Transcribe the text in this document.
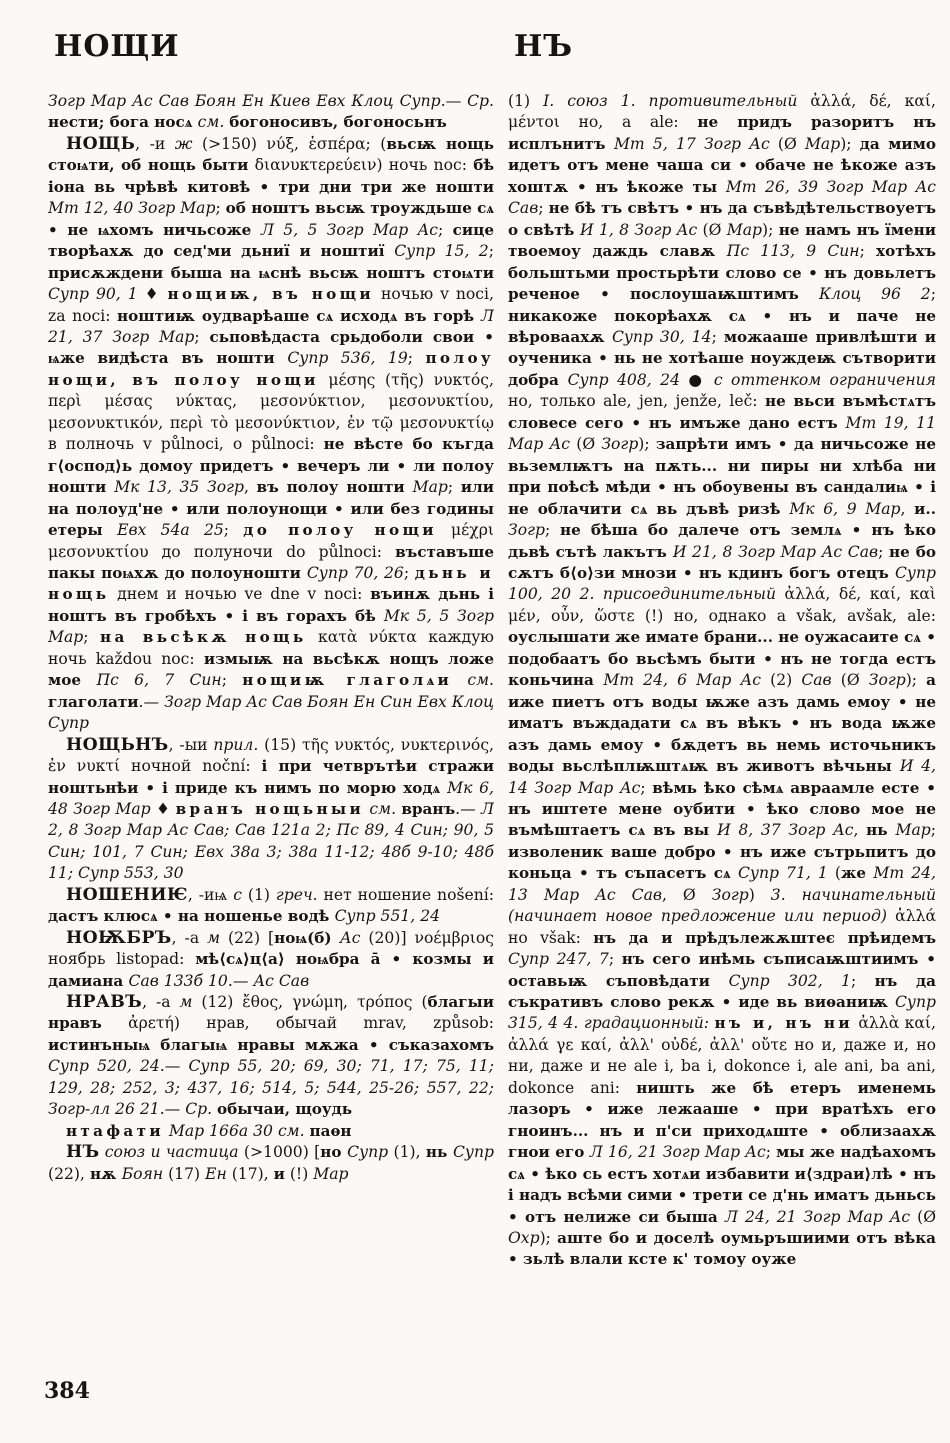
НОЩИ

Зогр Мар Ас Сав Боян Ен Киев Евх Клоц Супр.— Ср. нести; бога носѧ см. богоносивъ, богоносьнъ

НОЩЬ, -и ж (>150) νύξ, ἑσπέρα; (вьсѭ нощь стоѩти, об нощь быти διανυκτερεύειν) ночь noc: бѣ іона вь чрѣвѣ китовѣ • три дни три же ношти Мт 12, 40 Зогр Мар; об ноштъ вьсѭ троуждьше сѧ • не ѩхомъ ничьсоже Л 5, 5 Зогр Мар Ас; сице творѣахѫ до сед'ми дьниї и ноштиї Супр 15, 2; присѫждени быша на ѩснѣ вьсѭ ноштъ стоѩти Супр 90, 1 ♦ нощиѭ, въ нощи ночью v noci, za noci: ноштиѭ оудварѣаше сѧ исходѧ въ горѣ Л 21, 37 Зогр Мар; сьповѣдаста срьдоболи свои • ѩже видѣста въ ношти Супр 536, 19; полоу нощи, въ полоу нощи μέσης (τῆς) νυκτός, περὶ μέσας νύκτας, μεσονύκτιον, μεσονυκτίου, μεσονυκτικόν, περὶ τὸ μεσονύκτιον, ἐν τῷ μεσονυκτίῳ в полночь v půlnoci, o půlnoci: не вѣсте бо къгда г⟨оспод⟩ь домоу придетъ • вечеръ ли • ли полоу ношти Мк 13, 35 Зогр, въ полоу ношти Мар; или на полоуд'не • или полоунощи • или без годины етеры Евх 54а 25; до полоу нощи μέχρι μεσονυκτίου до полуночи do půlnoci: въставъше пакы поѩхѫ до полоуношти Супр 70, 26; дьнь и нощь днем и ночью ve dne v noci: въинѫ дьнь і ноштъ въ гробѣхъ • і въ горахъ бѣ Мк 5, 5 Зогр Мар; на вьсѣкѫ нощь κατὰ νύκτα каждую ночь každou noc: измыѭ на вьсѣкѫ нощъ ложе мое Пс 6, 7 Син; нощиѭ глаголѧи см. глаголати.— Зогр Мар Ас Сав Боян Ен Син Евх Клоц Супр

НОЩЬНЪ, -ыи прил. (15) τῆς νυκτός, νυκτερινός, ἐν νυκτί ночной noční: і при четврътѣи стражи ноштьнѣи • і приде къ нимъ по морю ходѧ Мк 6, 48 Зогр Мар ♦ вранъ нощьныи см. вранъ.— Л 2, 8 Зогр Мар Ас Сав; Сав 121а 2; Пс 89, 4 Син; 90, 5 Син; 101, 7 Син; Евх 38а 3; 38а 11-12; 48б 9-10; 48б 11; Супр 553, 30

НОШЕНИѤ, -иѩ с (1) греч. нет ношение nošení: дастъ клюсѧ • на ношенье водѣ Супр 551, 24

НОѬБРЪ, -а м (22) [ноѩ(б) Ас (20)] νοέμβριος ноябрь listopad: мѣ⟨сѧ⟩ц⟨а⟩ ноѩбра а̄ • козмы и дамиана Сав 133б 10.— Ас Сав

НРАВЪ, -а м (12) ἔθος, γνώμη, τρόπος (благыи нравъ ἀρετή) нрав, обычай mrav, způsob: истинъныѩ благыѩ нравы мѫжа • съказахомъ Супр 520, 24.— Супр 55, 20; 69, 30; 71, 17; 75, 11; 129, 28; 252, 3; 437, 16; 514, 5; 544, 25-26; 557, 22; Зогр-лл 26 21.— Ср. обычаи, щоудь

нтафати Мар 166а 30 см. паѳн

НЪ союз и частица (>1000) [но Супр (1), нь Супр (22), нѫ Боян (17) Ен (17), и (!) Мар

НЪ

(1) I. союз 1. противительный ἀλλά, δέ, καί, μέντοι но, a ale: не придъ разоритъ нъ исплънитъ Мт 5, 17 Зогр Ас (Ø Мар); да мимо идетъ отъ мене чаша си • обаче не ѣкоже азъ хоштѫ • нъ ѣкоже ты Мт 26, 39 Зогр Мар Ас Сав; не бѣ тъ свѣтъ • нъ да съвѣдѣтельствоуетъ о свѣтѣ И 1, 8 Зогр Ас (Ø Мар); не намъ нъ їмени твоемоу даждь славѫ Пс 113, 9 Син; хотѣхъ больштьми простьрѣти слово се • нъ довьлетъ реченое • послоушаѭштимъ Клоц 96 2; никакоже покорѣахѫ сѧ • нъ и паче не вѣроваахѫ Супр 30, 14; можааше привлѣшти и оученика • нь не хотѣаше ноуждеѭ сътворити добра Супр 408, 24 ● с оттенком ограничения но, только ale, jen, jenže, leč: не вьси въмѣстѧтъ словесе сего • нъ имъже дано естъ Мт 19, 11 Мар Ас (Ø Зогр); запрѣти имъ • да ничьсоже не вьземлѭтъ на пѫть... ни пиры ни хлѣба ни при поѣсѣ мѣди • нъ обоувены въ сандалиѩ • і не облачити сѧ вь дъвѣ ризѣ Мк 6, 9 Мар, и.. Зогр; не бѣша бо далече отъ землѧ • нъ ѣко дьвѣ сътѣ лакътъ И 21, 8 Зогр Мар Ас Сав; не бо сѫтъ б⟨о⟩зи мнози • нъ кдинъ богъ отецъ Супр 100, 20 2. присоединительный ἀλλά, δέ, καί, καὶ μέν, οὖν, ὥστε (!) но, однако a však, avšak, ale: оуслышати же имате брани... не оужасаите сѧ • подобаатъ бо вьсѣмъ быти • нъ не тогда естъ коньчина Мт 24, 6 Мар Ас (2) Сав (Ø Зогр); а иже пиетъ отъ воды ѭже азъ дамь емоу • не иматъ въждадати сѧ въ вѣкъ • нъ вода ѭже азъ дамь емоу • бѫдетъ вь немь источьникъ воды вьслѣплѭштѧѭ въ животъ вѣчьны И 4, 14 Зогр Мар Ас; вѣмь ѣко сѣмѧ авраамле есте • нъ иштете мене оубити • ѣко слово мое не въмѣштаетъ сѧ въ вы И 8, 37 Зогр Ас, нь Мар; изволеник ваше добро • нъ иже сътрьпитъ до коньца • тъ съпасетъ сѧ Супр 71, 1 (же Мт 24, 13 Мар Ас Сав, Ø Зогр) 3. начинательный (начинает новое предложение или период) ἀλλά но však: нъ да и прѣдълежѫштеє прѣидемъ Супр 247, 7; нъ сего инѣмь съписаѭштиимъ • оставьѭ съповѣдати Супр 302, 1; нъ да съкративъ слово рекѫ • иде вь виѳаниѭ Супр 315, 4 4. градационный: нъ и, нъ ни ἀλλὰ καί, ἀλλά γε καί, ἀλλ' οὐδέ, ἀλλ' οὔτε но и, даже и, но ни, даже и не ale i, ba i, dokonce i, ale ani, ba ani, dokonce ani: ништь же бѣ етеръ именемь лазоръ • иже лежааше • при вратѣхъ его гноинъ... нъ и п'си приходѧште • облизаахѫ гнои его Л 16, 21 Зогр Мар Ас; мы же надѣахомъ сѧ • ѣко сь естъ хотѧи избавити и⟨здраи⟩лѣ • нъ і надъ всѣми сими • трети се д'нь иматъ дьньсь • отъ нелиже си быша Л 24, 21 Зогр Мар Ас (Ø Охр); аште бо и доселѣ оумьръшиими отъ вѣка • зьлѣ влали ксте к' томоу оуже

384
